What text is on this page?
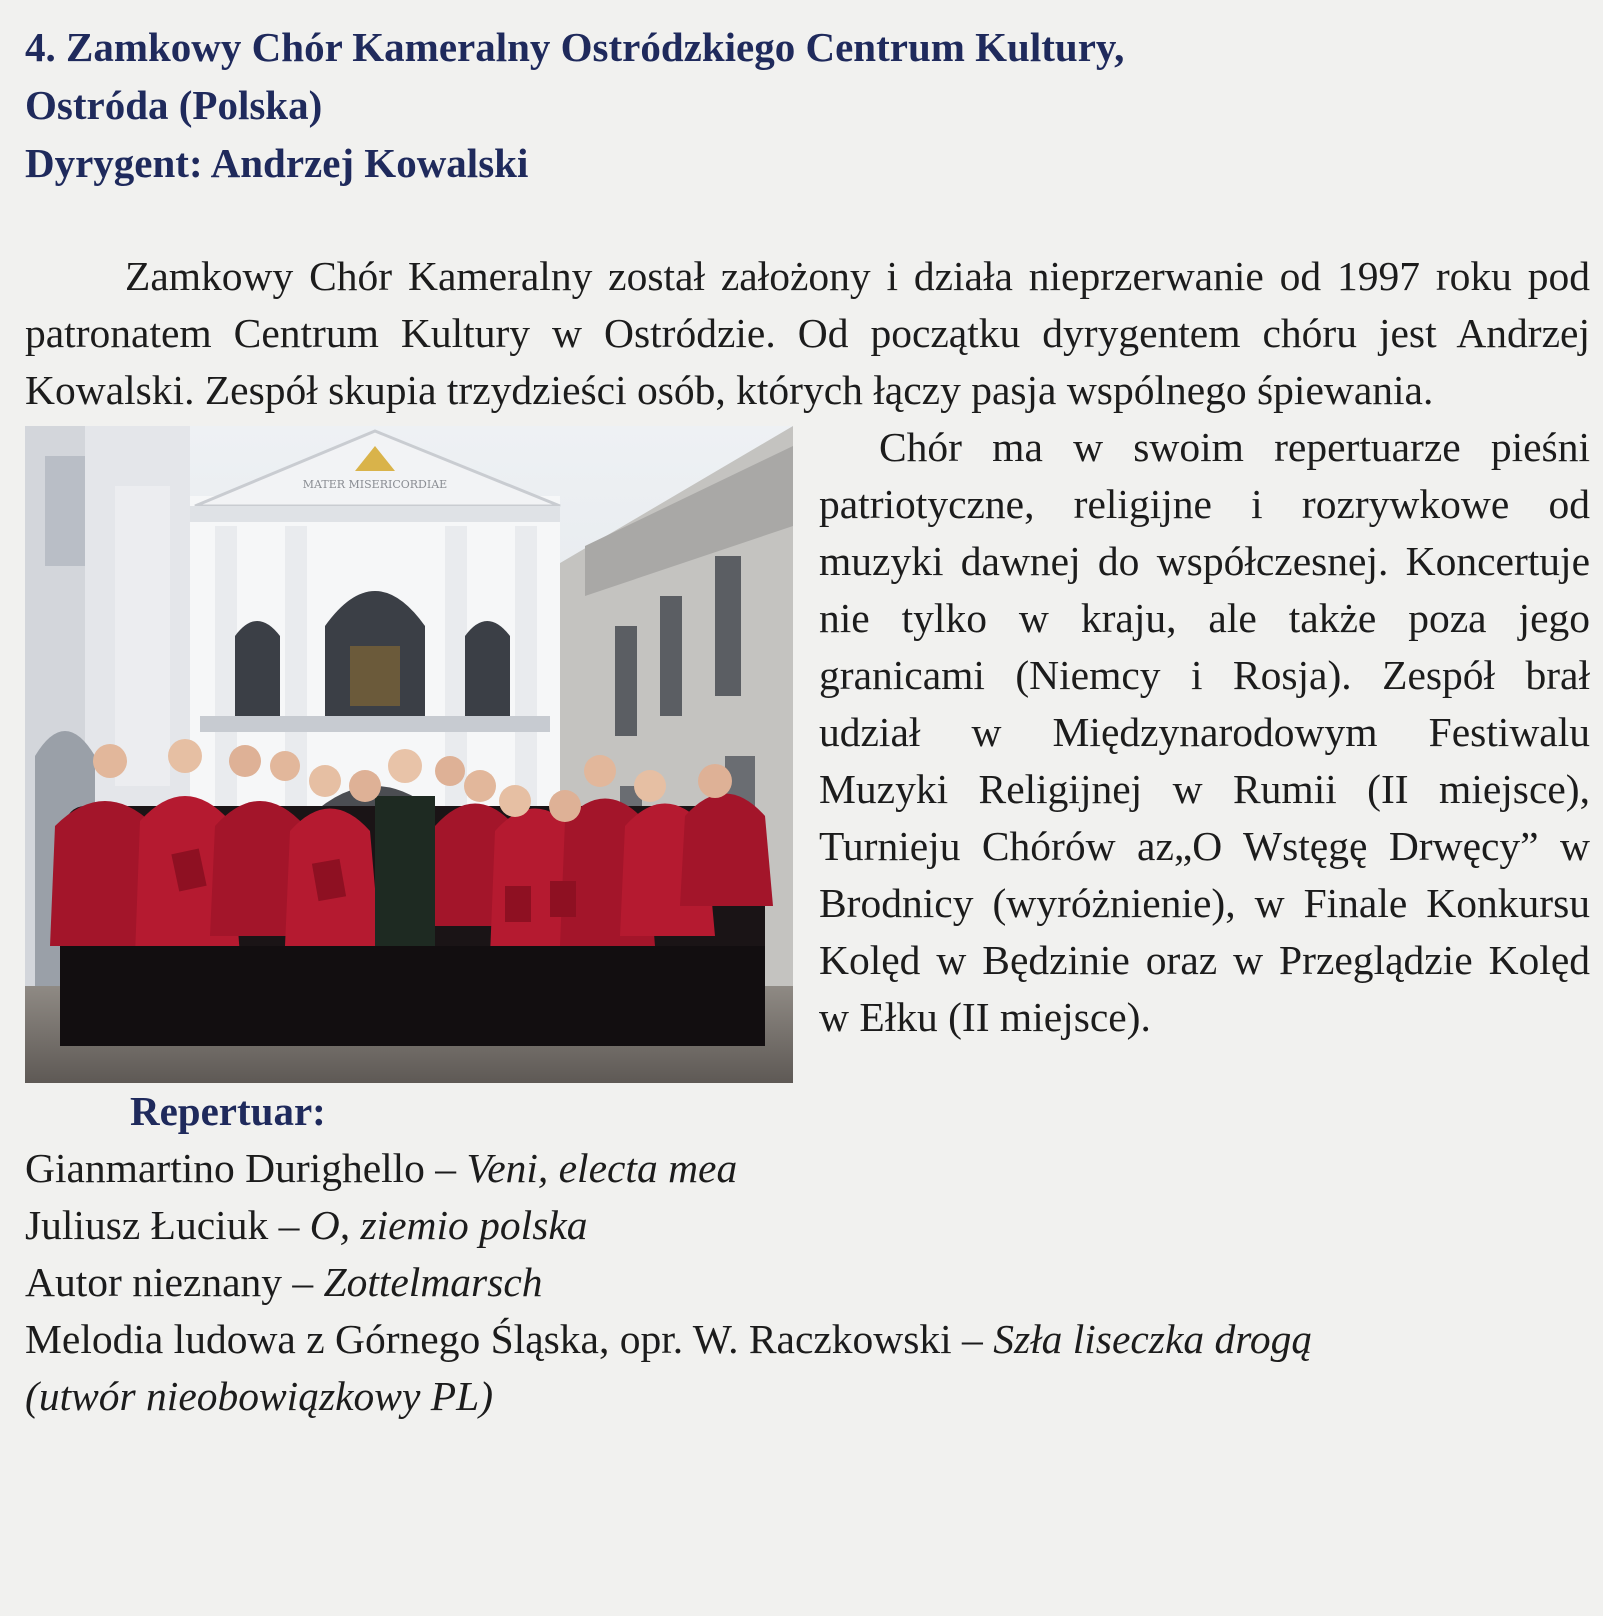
4. Zamkowy Chór Kameralny Ostródzkiego Centrum Kultury,
Ostróda (Polska)
Dyrygent: Andrzej Kowalski
Zamkowy Chór Kameralny został założony i działa nieprzerwanie od 1997 roku pod patronatem Centrum Kultury w Ostródzie. Od początku dyrygentem chóru jest Andrzej Kowalski. Zespół skupia trzydzieści osób, których łączy pasja wspólnego śpiewania.
MATER MISERICORDIAE

Chór ma w swoim repertuarze pieśni patriotyczne, religijne i rozrywkowe od muzyki dawnej do współczesnej. Koncertuje nie tylko w kraju, ale także poza jego granicami (Niemcy i Rosja). Zespół brał udział w Międzynarodowym Festiwalu Muzyki Religijnej w Rumii (II miejsce), Turnieju Chórów az„O Wstęgę Drwęcy” w Brodnicy (wyróżnienie), w Finale Konkursu Kolęd w Będzinie oraz w Przeglądzie Kolęd w Ełku (II miejsce).

Repertuar:
Gianmartino Durighello – Veni, electa mea
Juliusz Łuciuk – O, ziemio polska
Autor nieznany – Zottelmarsch
Melodia ludowa z Górnego Śląska, opr. W. Raczkowski – Szła liseczka drogą
(utwór nieobowiązkowy PL)
